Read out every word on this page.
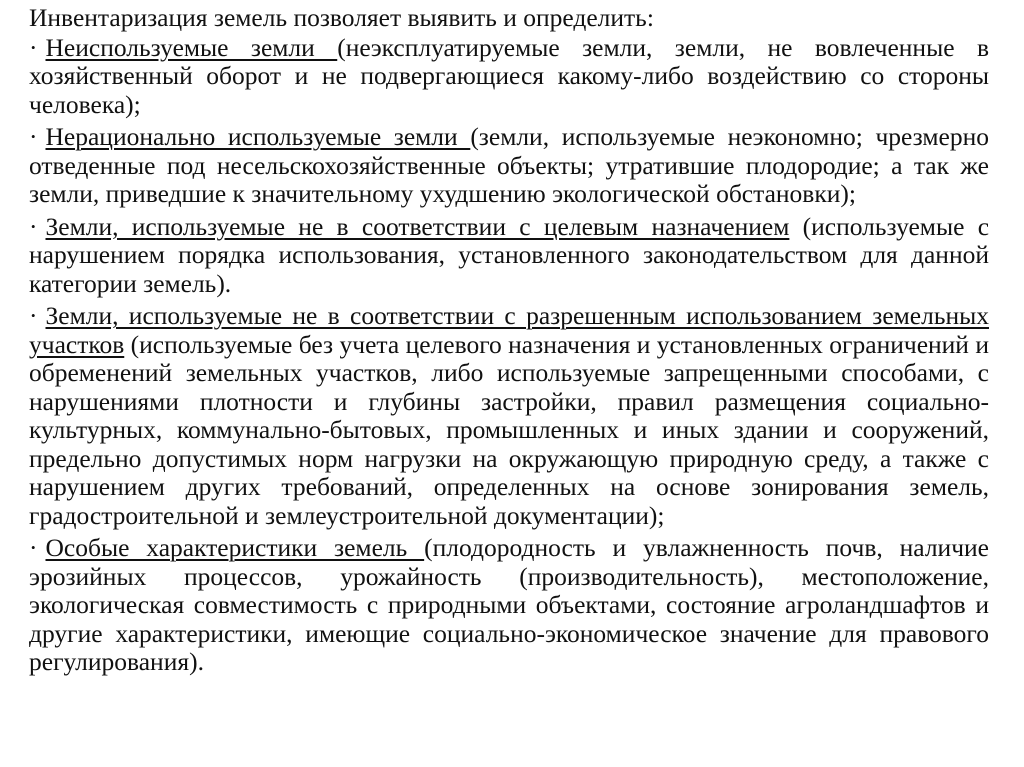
Инвентаризация земель позволяет выявить и определить:

· Неиспользуемые земли (неэксплуатируемые земли, земли, не вовлеченные в хозяйственный оборот и не подвергающиеся какому-либо воздействию со стороны человека);

· Нерационально используемые земли (земли, используемые неэкономно; чрезмерно отведенные под несельскохозяйственные объекты; утратившие плодородие; а так же земли, приведшие к значительному ухудшению экологической обстановки);

· Земли, используемые не в соответствии с целевым назначением (используемые с нарушением порядка использования, установленного законодательством для данной категории земель).

· Земли, используемые не в соответствии с разрешенным использованием земельных участков (используемые без учета целевого назначения и установленных ограничений и обременений земельных участков, либо используемые запрещенными способами, с нарушениями плотности и глубины застройки, правил размещения социально-культурных, коммунально-бытовых, промышленных и иных здании и сооружений, предельно допустимых норм нагрузки на окружающую природную среду, а также с нарушением других требований, определенных на основе зонирования земель, градостроительной и землеустроительной документации);

· Особые характеристики земель (плодородность и увлажненность почв, наличие эрозийных процессов, урожайность (производительность), местоположение, экологическая совместимость с природными объектами, состояние агроландшафтов и другие характеристики, имеющие социально-экономическое значение для правового регулирования).
